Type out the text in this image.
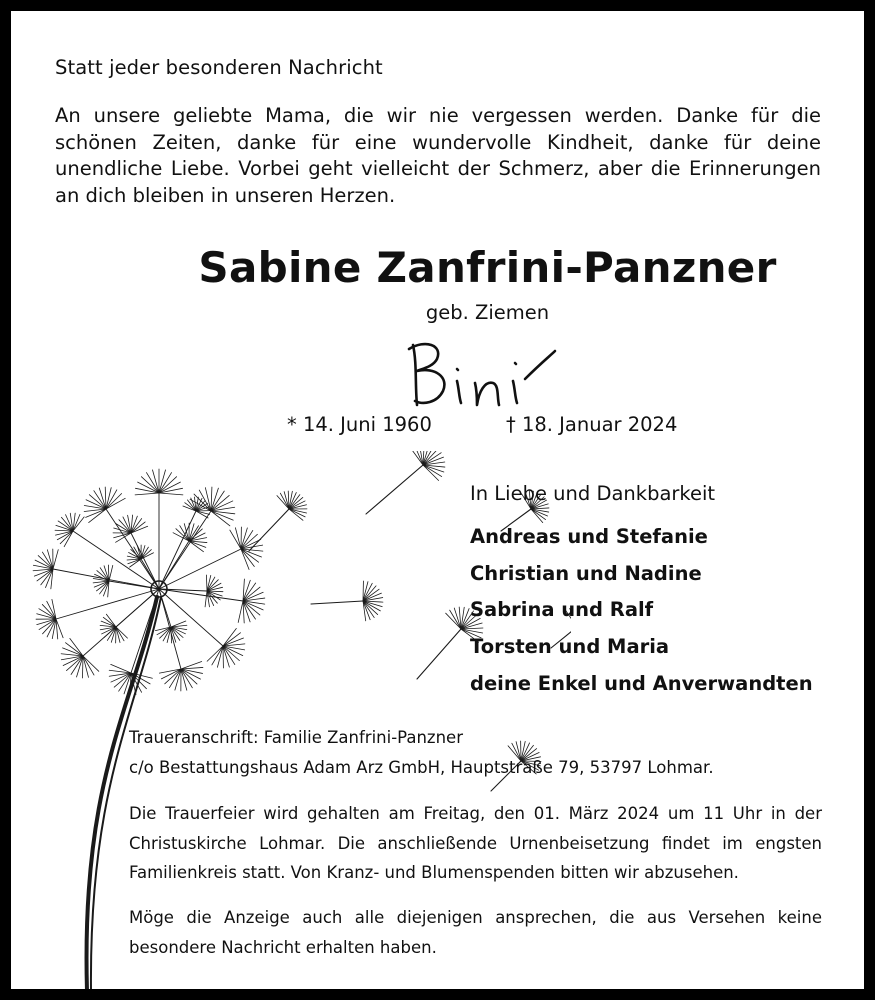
Statt jeder besonderen Nachricht
An unsere geliebte Mama, die wir nie vergessen werden. Danke für die schönen Zeiten, danke für eine wundervolle Kindheit, danke für deine unendliche Liebe. Vorbei geht vielleicht der Schmerz, aber die Erinnerungen an dich bleiben in unseren Herzen.
Sabine Zanfrini-Panzner
geb. Ziemen
* 14. Juni 1960	† 18. Januar 2024
In Liebe und Dankbarkeit
Andreas und Stefanie
Christian und Nadine
Sabrina und Ralf
Torsten und Maria
deine Enkel und Anverwandten
Traueranschrift: Familie Zanfrini-Panzner
c/o Bestattungshaus Adam Arz GmbH, Hauptstraße 79, 53797 Lohmar.
Die Trauerfeier wird gehalten am Freitag, den 01. März 2024 um 11 Uhr in der Christuskirche Lohmar. Die anschließende Urnenbeisetzung findet im engsten Familienkreis statt. Von Kranz- und Blumenspenden bitten wir abzusehen.
Möge die Anzeige auch alle diejenigen ansprechen, die aus Versehen keine besondere Nachricht erhalten haben.
